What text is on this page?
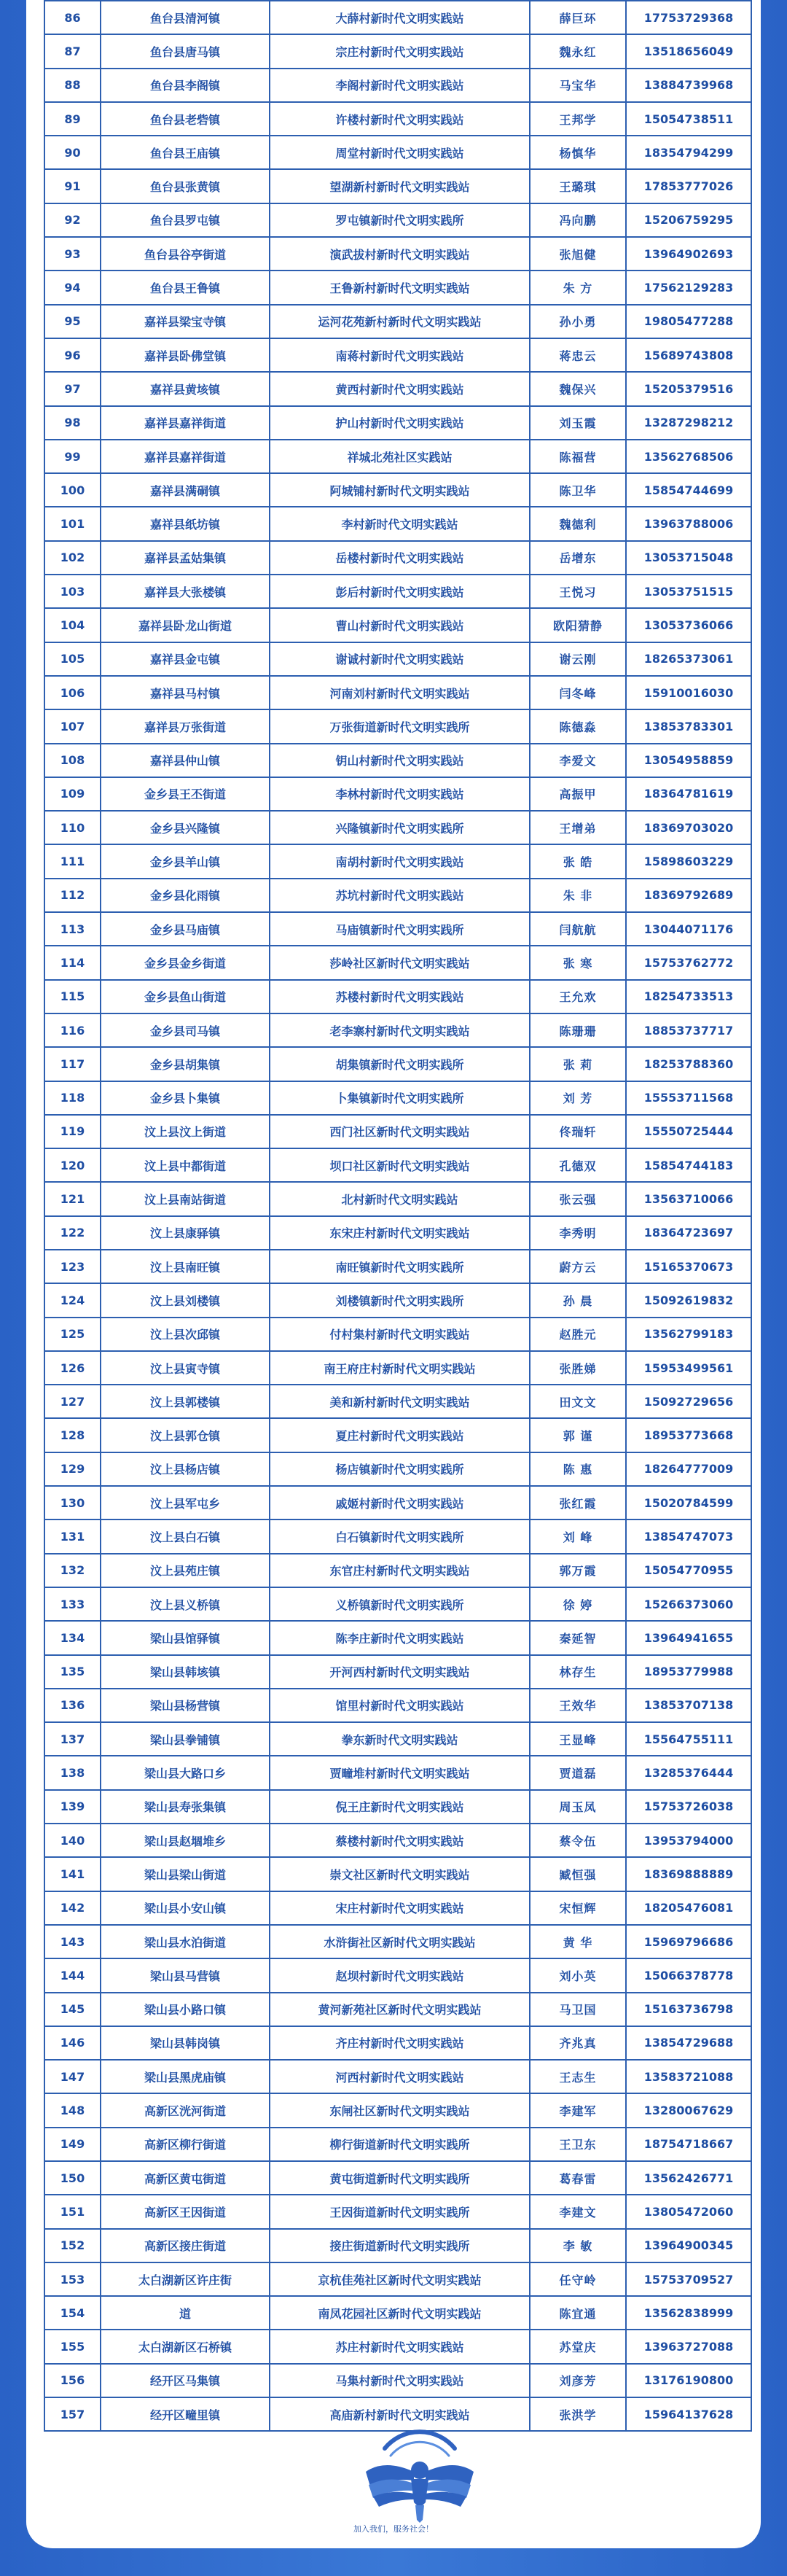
86	鱼台县清河镇	大薛村新时代文明实践站	薛巨环	17753729368
87	鱼台县唐马镇	宗庄村新时代文明实践站	魏永红	13518656049
88	鱼台县李阁镇	李阁村新时代文明实践站	马宝华	13884739968
89	鱼台县老砦镇	许楼村新时代文明实践站	王邦学	15054738511
90	鱼台县王庙镇	周堂村新时代文明实践站	杨慎华	18354794299
91	鱼台县张黄镇	望湖新村新时代文明实践站	王璐琪	17853777026
92	鱼台县罗屯镇	罗屯镇新时代文明实践所	冯向鹏	15206759295
93	鱼台县谷亭街道	演武拔村新时代文明实践站	张旭健	13964902693
94	鱼台县王鲁镇	王鲁新村新时代文明实践站	朱 方	17562129283
95	嘉祥县梁宝寺镇	运河花苑新村新时代文明实践站	孙小勇	19805477288
96	嘉祥县卧佛堂镇	南蒋村新时代文明实践站	蒋忠云	15689743808
97	嘉祥县黄垓镇	黄西村新时代文明实践站	魏保兴	15205379516
98	嘉祥县嘉祥街道	护山村新时代文明实践站	刘玉霞	13287298212
99	嘉祥县嘉祥街道	祥城北苑社区实践站	陈福营	13562768506
100	嘉祥县满硐镇	阿城铺村新时代文明实践站	陈卫华	15854744699
101	嘉祥县纸坊镇	李村新时代文明实践站	魏德利	13963788006
102	嘉祥县孟姑集镇	岳楼村新时代文明实践站	岳增东	13053715048
103	嘉祥县大张楼镇	彭后村新时代文明实践站	王悦习	13053751515
104	嘉祥县卧龙山街道	曹山村新时代文明实践站	欧阳猜静	13053736066
105	嘉祥县金屯镇	谢诚村新时代文明实践站	谢云刚	18265373061
106	嘉祥县马村镇	河南刘村新时代文明实践站	闫冬峰	15910016030
107	嘉祥县万张街道	万张街道新时代文明实践所	陈德淼	13853783301
108	嘉祥县仲山镇	钥山村新时代文明实践站	李爱文	13054958859
109	金乡县王丕街道	李林村新时代文明实践站	高振甲	18364781619
110	金乡县兴隆镇	兴隆镇新时代文明实践所	王增弟	18369703020
111	金乡县羊山镇	南胡村新时代文明实践站	张 皓	15898603229
112	金乡县化雨镇	苏坑村新时代文明实践站	朱 非	18369792689
113	金乡县马庙镇	马庙镇新时代文明实践所	闫航航	13044071176
114	金乡县金乡街道	莎岭社区新时代文明实践站	张 寒	15753762772
115	金乡县鱼山街道	苏楼村新时代文明实践站	王允欢	18254733513
116	金乡县司马镇	老李寨村新时代文明实践站	陈珊珊	18853737717
117	金乡县胡集镇	胡集镇新时代文明实践所	张 莉	18253788360
118	金乡县卜集镇	卜集镇新时代文明实践所	刘 芳	15553711568
119	汶上县汶上街道	西门社区新时代文明实践站	佟瑞轩	15550725444
120	汶上县中都街道	坝口社区新时代文明实践站	孔德双	15854744183
121	汶上县南站街道	北村新时代文明实践站	张云强	13563710066
122	汶上县康驿镇	东宋庄村新时代文明实践站	李秀明	18364723697
123	汶上县南旺镇	南旺镇新时代文明实践所	蔚方云	15165370673
124	汶上县刘楼镇	刘楼镇新时代文明实践所	孙 晨	15092619832
125	汶上县次邱镇	付村集村新时代文明实践站	赵胜元	13562799183
126	汶上县寅寺镇	南王府庄村新时代文明实践站	张胜娣	15953499561
127	汶上县郭楼镇	美和新村新时代文明实践站	田文文	15092729656
128	汶上县郭仓镇	夏庄村新时代文明实践站	郭 谨	18953773668
129	汶上县杨店镇	杨店镇新时代文明实践所	陈 惠	18264777009
130	汶上县军屯乡	戚姬村新时代文明实践站	张红霞	15020784599
131	汶上县白石镇	白石镇新时代文明实践所	刘 峰	13854747073
132	汶上县苑庄镇	东官庄村新时代文明实践站	郭万霞	15054770955
133	汶上县义桥镇	义桥镇新时代文明实践所	徐 婷	15266373060
134	梁山县馆驿镇	陈李庄新时代文明实践站	秦延智	13964941655
135	梁山县韩垓镇	开河西村新时代文明实践站	林存生	18953779988
136	梁山县杨营镇	馆里村新时代文明实践站	王效华	13853707138
137	梁山县拳铺镇	拳东新时代文明实践站	王显峰	15564755111
138	梁山县大路口乡	贾疃堆村新时代文明实践站	贾道磊	13285376444
139	梁山县寿张集镇	倪王庄新时代文明实践站	周玉凤	15753726038
140	梁山县赵堌堆乡	蔡楼村新时代文明实践站	蔡令伍	13953794000
141	梁山县梁山街道	崇文社区新时代文明实践站	臧恒强	18369888889
142	梁山县小安山镇	宋庄村新时代文明实践站	宋恒辉	18205476081
143	梁山县水泊街道	水浒街社区新时代文明实践站	黄 华	15969796686
144	梁山县马营镇	赵坝村新时代文明实践站	刘小英	15066378778
145	梁山县小路口镇	黄河新苑社区新时代文明实践站	马卫国	15163736798
146	梁山县韩岗镇	齐庄村新时代文明实践站	齐兆真	13854729688
147	梁山县黑虎庙镇	河西村新时代文明实践站	王志生	13583721088
148	高新区洸河街道	东闸社区新时代文明实践站	李建军	13280067629
149	高新区柳行街道	柳行街道新时代文明实践所	王卫东	18754718667
150	高新区黄屯街道	黄屯街道新时代文明实践所	葛春雷	13562426771
151	高新区王因街道	王因街道新时代文明实践所	李建文	13805472060
152	高新区接庄街道	接庄街道新时代文明实践所	李 敏	13964900345
153	太白湖新区许庄街	京杭佳苑社区新时代文明实践站	任守岭	15753709527
154	道	南凤花园社区新时代文明实践站	陈宜通	13562838999
155	太白湖新区石桥镇	苏庄村新时代文明实践站	苏堂庆	13963727088
156	经开区马集镇	马集村新时代文明实践站	刘彦芳	13176190800
157	经开区疃里镇	高庙新村新时代文明实践站	张洪学	15964137628
加入我们，服务社会！
